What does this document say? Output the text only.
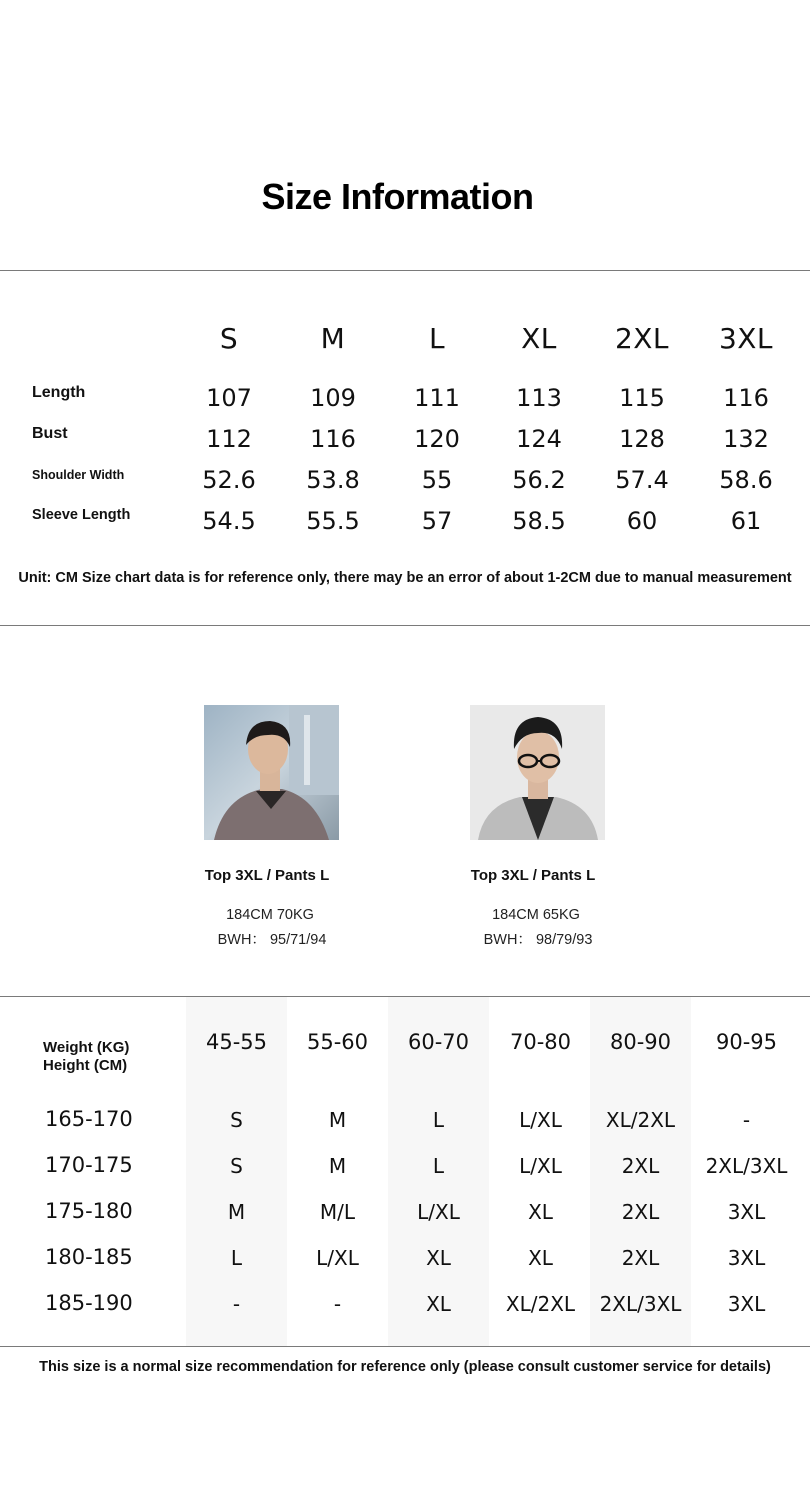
Size Information
S	M	L	XL	2XL	3XL
Length	107	109	111	113	115	116
Bust	112	116	120	124	128	132
Shoulder Width	52.6	53.8	55	56.2	57.4	58.6
Sleeve Length	54.5	55.5	57	58.5	60	61
Unit: CM Size chart data is for reference only, there may be an error of about 1-2CM due to manual measurement
Top 3XL / Pants L
184CM 70KG
BWH： 95/71/94
Top 3XL / Pants L
184CM 65KG
BWH： 98/79/93
Weight (KG)
Height (CM)
45-55	55-60	60-70	70-80	80-90	90-95
165-170	S	M	L	L/XL	XL/2XL	-
170-175	S	M	L	L/XL	2XL	2XL/3XL
175-180	M	M/L	L/XL	XL	2XL	3XL
180-185	L	L/XL	XL	XL	2XL	3XL
185-190	-	-	XL	XL/2XL	2XL/3XL	3XL
This size is a normal size recommendation for reference only (please consult customer service for details)
